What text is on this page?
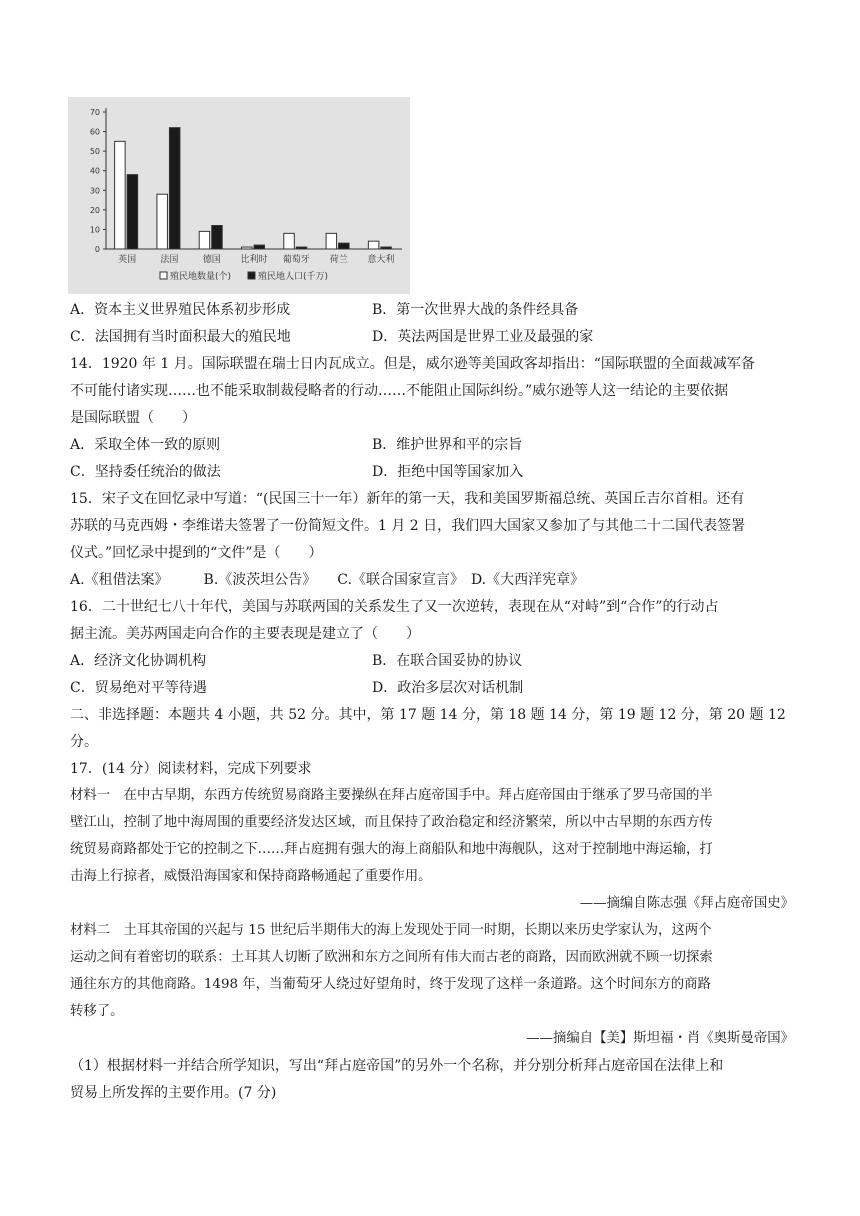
0
10
20
30
40
50
60
70
英国	法国	德国 比利时 葡萄牙 荷兰 意大利
殖民地数量(个)	殖民地人口(千万)
A．资本主义世界殖民体系初步形成	B．第一次世界大战的条件经具备
C．法国拥有当时面积最大的殖民地	D．英法两国是世界工业及最强的家
14．1920 年 1 月。国际联盟在瑞士日内瓦成立。但是，威尔逊等美国政客却指出：“国际联盟的全面裁减军备
不可能付诸实现……也不能采取制裁侵略者的行动……不能阻止国际纠纷。”威尔逊等人这一结论的主要依据
是国际联盟（　　）
A．采取全体一致的原则	B．维护世界和平的宗旨
C．坚持委任统治的做法	D．拒绝中国等国家加入
15．宋子文在回忆录中写道：“(民国三十一年）新年的第一天，我和美国罗斯福总统、英国丘吉尔首相。还有
苏联的马克西姆・李维诺夫签署了一份简短文件。1 月 2 日，我们四大国家又参加了与其他二十二国代表签署
仪式。”回忆录中提到的“文件”是（　　）
A.《租借法案》　　　B.《波茨坦公告》　　C.《联合国家宣言》　D.《大西洋宪章》
16．二十世纪七八十年代，美国与苏联两国的关系发生了又一次逆转，表现在从“对峙”到“合作”的行动占
据主流。美苏两国走向合作的主要表现是建立了（　　）
A．经济文化协调机构	B．在联合国妥协的协议
C．贸易绝对平等待遇	D．政治多层次对话机制
二、非选择题：本题共 4 小题，共 52 分。其中，第 17 题 14 分，第 18 题 14 分，第 19 题 12 分，第 20 题 12
分。
17．(14 分）阅读材料，完成下列要求
材料一　在中古早期，东西方传统贸易商路主要操纵在拜占庭帝国手中。拜占庭帝国由于继承了罗马帝国的半
壁江山，控制了地中海周围的重要经济发达区域，而且保持了政治稳定和经济繁荣，所以中古早期的东西方传
统贸易商路都处于它的控制之下……拜占庭拥有强大的海上商船队和地中海舰队，这对于控制地中海运输，打
击海上行掠者，威慑沿海国家和保持商路畅通起了重要作用。
——摘编自陈志强《拜占庭帝国史》
材料二　土耳其帝国的兴起与 15 世纪后半期伟大的海上发现处于同一时期，长期以来历史学家认为，这两个
运动之间有着密切的联系：土耳其人切断了欧洲和东方之间所有伟大而古老的商路，因而欧洲就不顾一切探索
通往东方的其他商路。1498 年，当葡萄牙人绕过好望角时，终于发现了这样一条道路。这个时间东方的商路
转移了。
——摘编自【美】斯坦福・肖《奥斯曼帝国》
（1）根据材料一并结合所学知识，写出“拜占庭帝国”的另外一个名称，并分别分析拜占庭帝国在法律上和
贸易上所发挥的主要作用。(7 分)
